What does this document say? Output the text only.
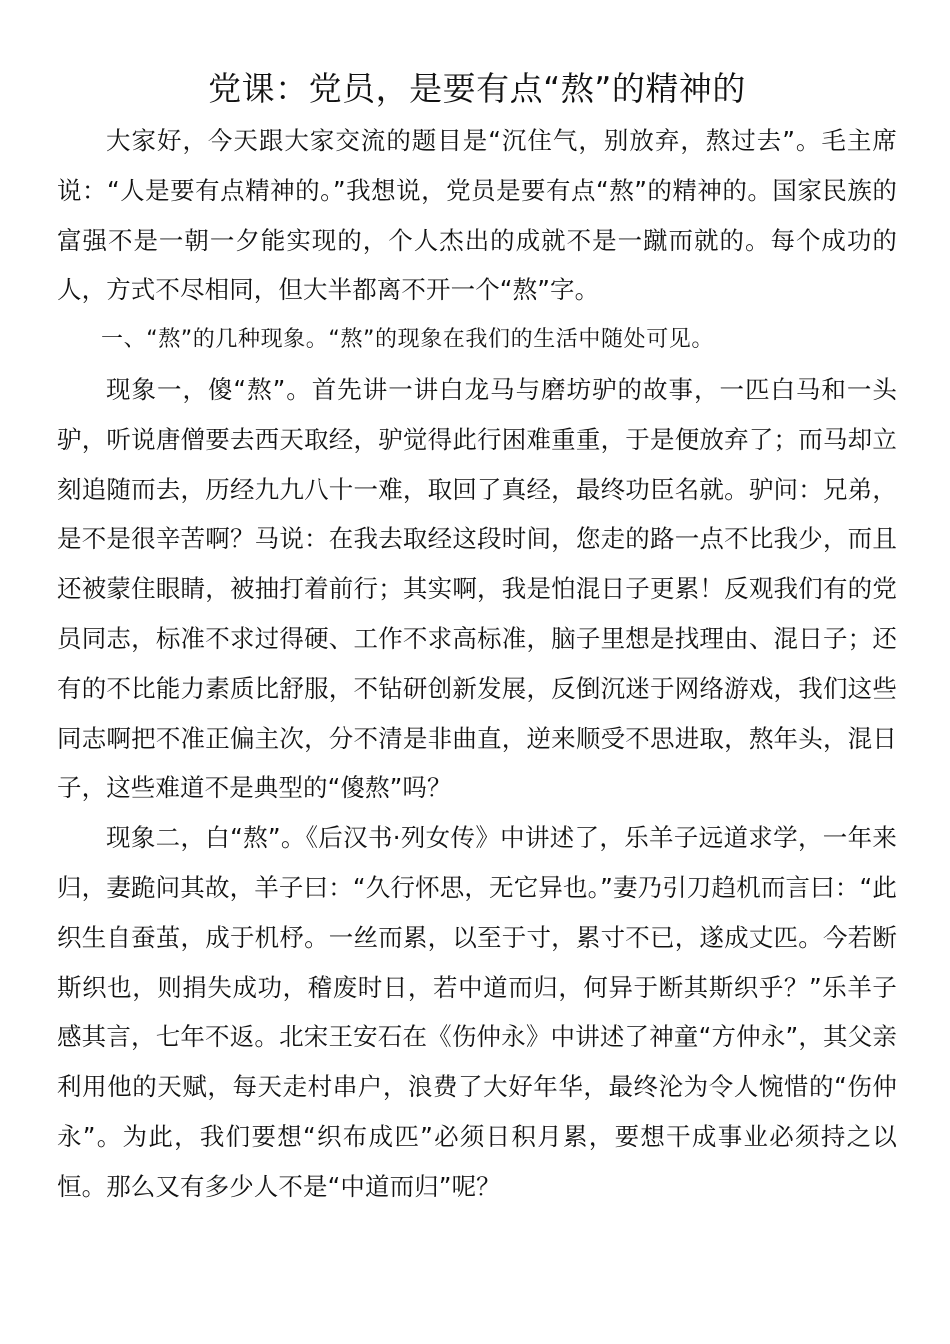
党课：党员，是要有点“熬”的精神的

大家好，今天跟大家交流的题目是“沉住气，别放弃，熬过去”。毛主席说：“人是要有点精神的。”我想说，党员是要有点“熬”的精神的。国家民族的富强不是一朝一夕能实现的，个人杰出的成就不是一蹴而就的。每个成功的人，方式不尽相同，但大半都离不开一个“熬”字。

一、“熬”的几种现象。“熬”的现象在我们的生活中随处可见。

现象一，傻“熬”。首先讲一讲白龙马与磨坊驴的故事，一匹白马和一头驴，听说唐僧要去西天取经，驴觉得此行困难重重，于是便放弃了；而马却立刻追随而去，历经九九八十一难，取回了真经，最终功臣名就。驴问：兄弟，是不是很辛苦啊？马说：在我去取经这段时间，您走的路一点不比我少，而且还被蒙住眼睛，被抽打着前行；其实啊，我是怕混日子更累！反观我们有的党员同志，标准不求过得硬、工作不求高标准，脑子里想是找理由、混日子；还有的不比能力素质比舒服，不钻研创新发展，反倒沉迷于网络游戏，我们这些同志啊把不准正偏主次，分不清是非曲直，逆来顺受不思进取，熬年头，混日子，这些难道不是典型的“傻熬”吗？

现象二，白“熬”。《后汉书·列女传》中讲述了，乐羊子远道求学，一年来归，妻跪问其故，羊子曰：“久行怀思，无它异也。”妻乃引刀趋机而言曰：“此织生自蚕茧，成于机杼。一丝而累，以至于寸，累寸不已，遂成丈匹。今若断斯织也，则捐失成功，稽废时日，若中道而归，何异于断其斯织乎？”乐羊子感其言，七年不返。北宋王安石在《伤仲永》中讲述了神童“方仲永”，其父亲利用他的天赋，每天走村串户，浪费了大好年华，最终沦为令人惋惜的“伤仲永”。为此，我们要想“织布成匹”必须日积月累，要想干成事业必须持之以恒。那么又有多少人不是“中道而归”呢？
